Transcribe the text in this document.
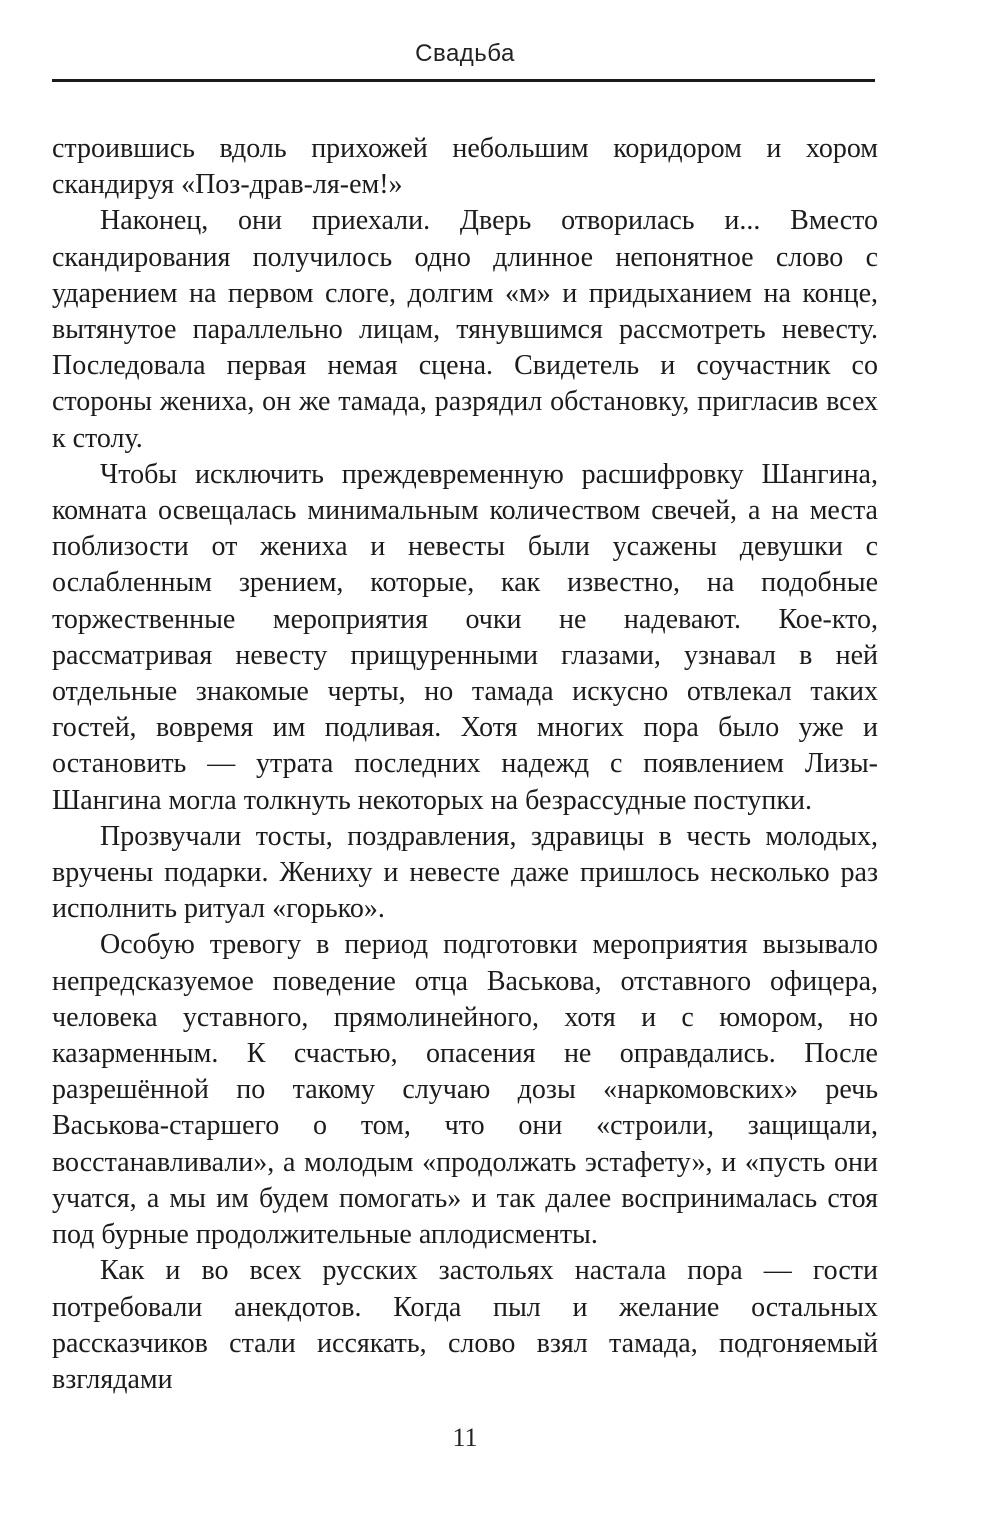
Свадьба

строившись вдоль прихожей небольшим коридором и хором скандируя «Поз-драв-ля-ем!»

Наконец, они приехали. Дверь отворилась и... Вместо скандирования получилось одно длинное непонятное слово с ударением на первом слоге, долгим «м» и придыханием на конце, вытянутое параллельно лицам, тянувшимся рассмотреть невесту. Последовала первая немая сцена. Свидетель и соучастник со стороны жениха, он же тамада, разрядил обстановку, пригласив всех к столу.

Чтобы исключить преждевременную расшифровку Шангина, комната освещалась минимальным количеством свечей, а на места поблизости от жениха и невесты были усажены девушки с ослабленным зрением, которые, как известно, на подобные торжественные мероприятия очки не надевают. Кое-кто, рассматривая невесту прищуренными глазами, узнавал в ней отдельные знакомые черты, но тамада искусно отвлекал таких гостей, вовремя им подливая. Хотя многих пора было уже и остановить — утрата последних надежд с появлением Лизы-Шангина могла толкнуть некоторых на безрассудные поступки.

Прозвучали тосты, поздравления, здравицы в честь молодых, вручены подарки. Жениху и невесте даже пришлось несколько раз исполнить ритуал «горько».

Особую тревогу в период подготовки мероприятия вызывало непредсказуемое поведение отца Васькова, отставного офицера, человека уставного, прямолинейного, хотя и с юмором, но казарменным. К счастью, опасения не оправдались. После разрешённой по такому случаю дозы «наркомовских» речь Васькова-старшего о том, что они «строили, защищали, восстанавливали», а молодым «продолжать эстафету», и «пусть они учатся, а мы им будем помогать» и так далее воспринималась стоя под бурные продолжительные аплодисменты.

Как и во всех русских застольях настала пора — гости потребовали анекдотов. Когда пыл и желание остальных рассказчиков стали иссякать, слово взял тамада, подгоняемый взглядами

11
